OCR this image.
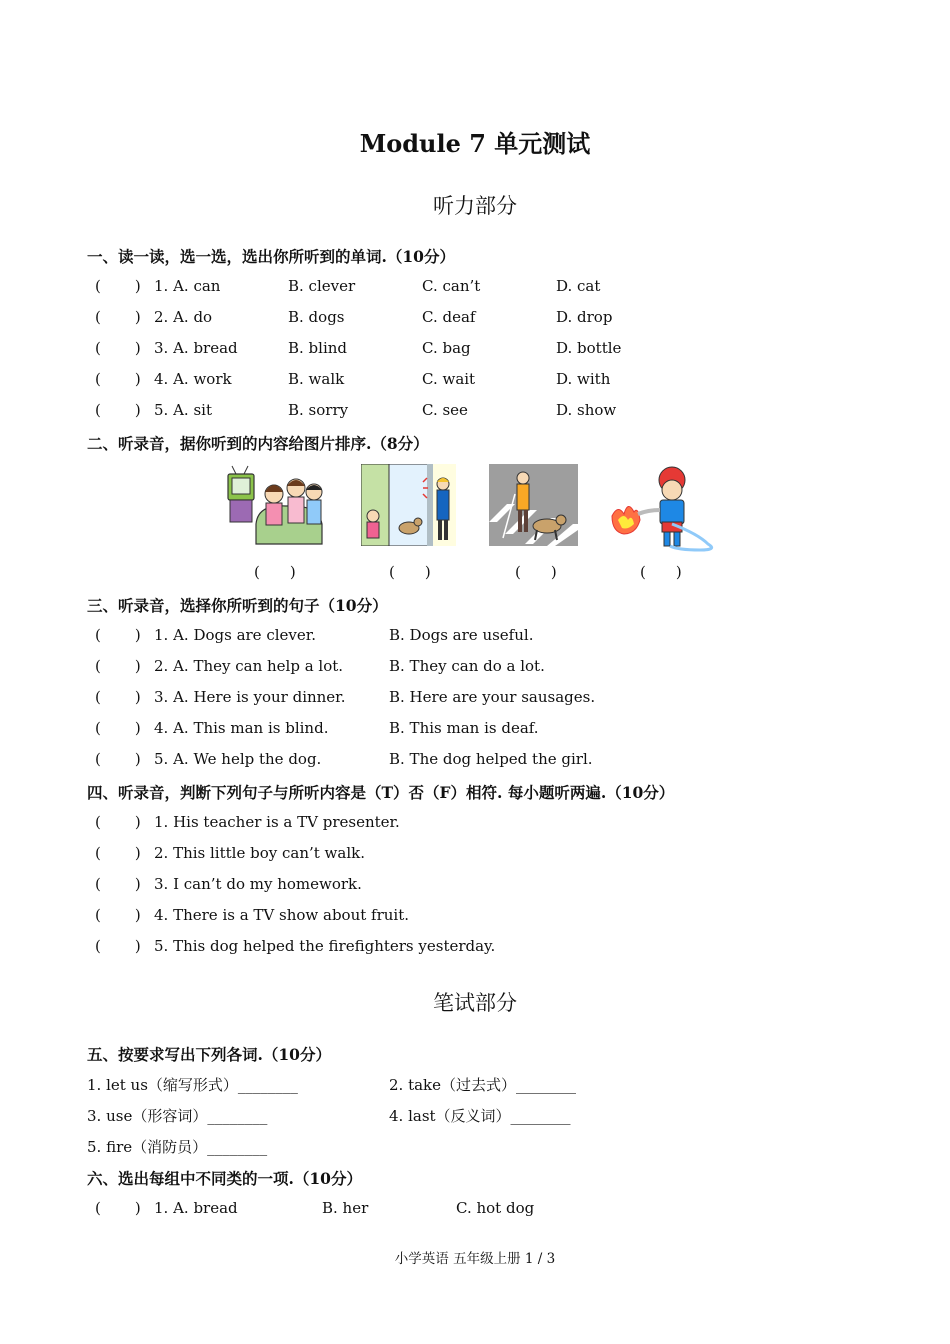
Module 7 单元测试
听力部分
一、读一读，选一选，选出你所听到的单词.（10分）
( )
1. A. can	B. clever	C. can’t	D. cat
( )
2. A. do	B. dogs	C. deaf	D. drop
( )
3. A. bread	B. blind	C. bag	D. bottle
( )
4. A. work	B. walk	C. wait	D. with
( )
5. A. sit	B. sorry	C. see	D. show
二、听录音，据你听到的内容给图片排序.（8分）
( )
( )
( )
( )
三、听录音，选择你所听到的句子（10分）
( )
1. A. Dogs are clever.	B. Dogs are useful.
( )
2. A. They can help a lot.	B. They can do a lot.
( )
3. A. Here is your dinner.	B. Here are your sausages.
( )
4. A. This man is blind.	B. This man is deaf.
( )
5. A. We help the dog.	B. The dog helped the girl.
四、听录音，判断下列句子与所听内容是（T）否（F）相符. 每小题听两遍.（10分）
( )
1. His teacher is a TV presenter.
( )
2. This little boy can’t walk.
( )
3. I can’t do my homework.
( )
4. There is a TV show about fruit.
( )
5. This dog helped the firefighters yesterday.
笔试部分
五、按要求写出下列各词.（10分）
1. let us（缩写形式）________	2. take（过去式）________
3. use（形容词）________	4. last（反义词）________
5. fire（消防员）________
六、选出每组中不同类的一项.（10分）
( )
1. A. bread	B. her	C. hot dog
小学英语 五年级上册 1 / 3
